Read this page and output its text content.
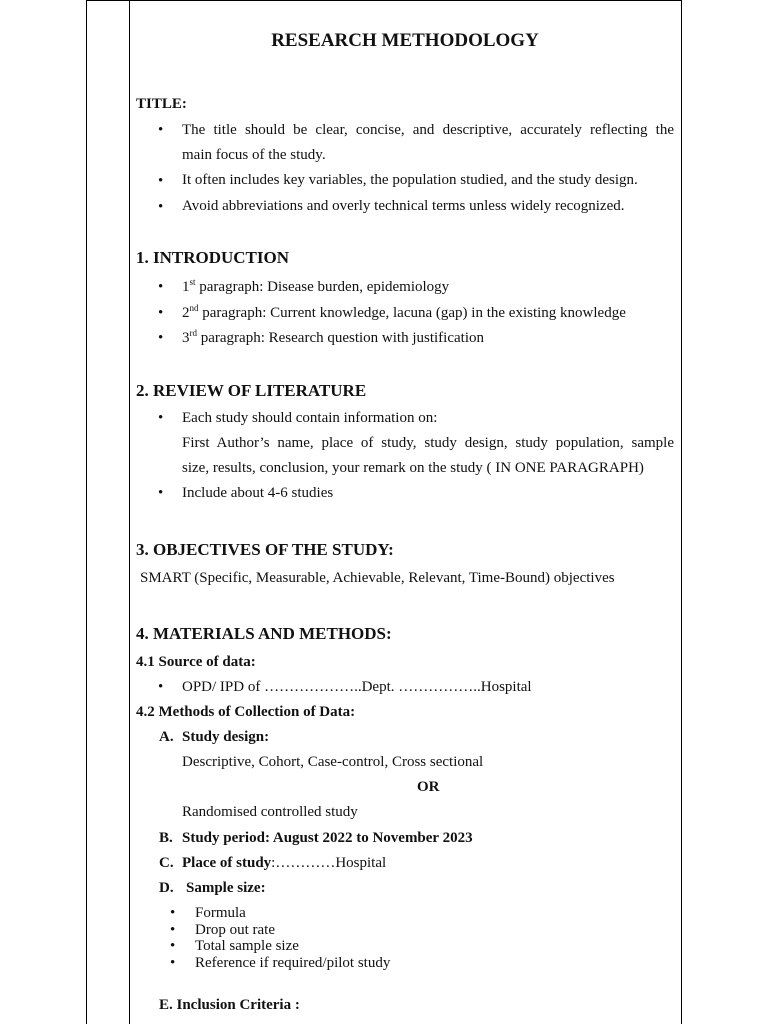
RESEARCH METHODOLOGY
TITLE:
• The title should be clear, concise, and descriptive, accurately reflecting the
main focus of the study.
• It often includes key variables, the population studied, and the study design.
• Avoid abbreviations and overly technical terms unless widely recognized.
1. INTRODUCTION
• 1st paragraph: Disease burden, epidemiology
• 2nd paragraph: Current knowledge, lacuna (gap) in the existing knowledge
• 3rd paragraph: Research question with justification
2. REVIEW OF LITERATURE
• Each study should contain information on:
First Author’s name, place of study, study design, study population, sample
size, results, conclusion, your remark on the study ( IN ONE PARAGRAPH)
• Include about 4-6 studies
3. OBJECTIVES OF THE STUDY:
SMART (Specific, Measurable, Achievable, Relevant, Time-Bound) objectives
4. MATERIALS AND METHODS:
4.1 Source of data:
• OPD/ IPD of ………………..Dept. ……………..Hospital
4.2 Methods of Collection of Data:
A. Study design:
Descriptive, Cohort, Case-control, Cross sectional
OR
Randomised controlled study
B. Study period: August 2022 to November 2023
C. Place of study:…………Hospital
D. Sample size:
• Formula
• Drop out rate
• Total sample size
• Reference if required/pilot study
E. Inclusion Criteria :
